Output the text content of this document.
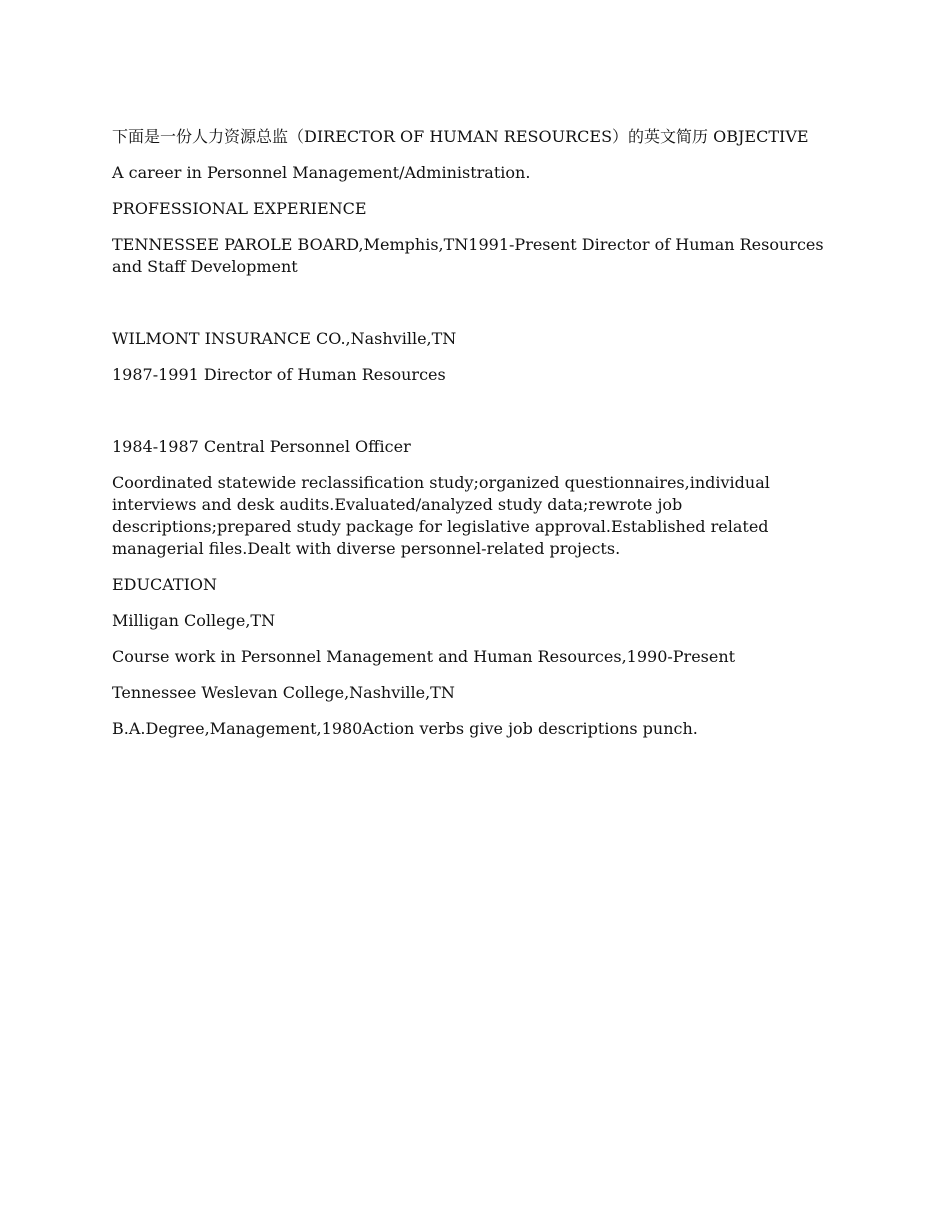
下面是一份人力资源总监（DIRECTOR OF HUMAN RESOURCES）的英文简历 OBJECTIVE

A career in Personnel Management/Administration.

PROFESSIONAL EXPERIENCE

TENNESSEE PAROLE BOARD,Memphis,TN1991-Present Director of Human Resources and Staff Development

WILMONT INSURANCE CO.,Nashville,TN

1987-1991 Director of Human Resources

1984-1987 Central Personnel Officer

Coordinated statewide reclassification study;organized questionnaires,individual interviews and desk audits.Evaluated/analyzed study data;rewrote job descriptions;prepared study package for legislative approval.Established related managerial files.Dealt with diverse personnel-related projects.

EDUCATION

Milligan College,TN

Course work in Personnel Management and Human Resources,1990-Present

Tennessee Weslevan College,Nashville,TN

B.A.Degree,Management,1980Action verbs give job descriptions punch.
